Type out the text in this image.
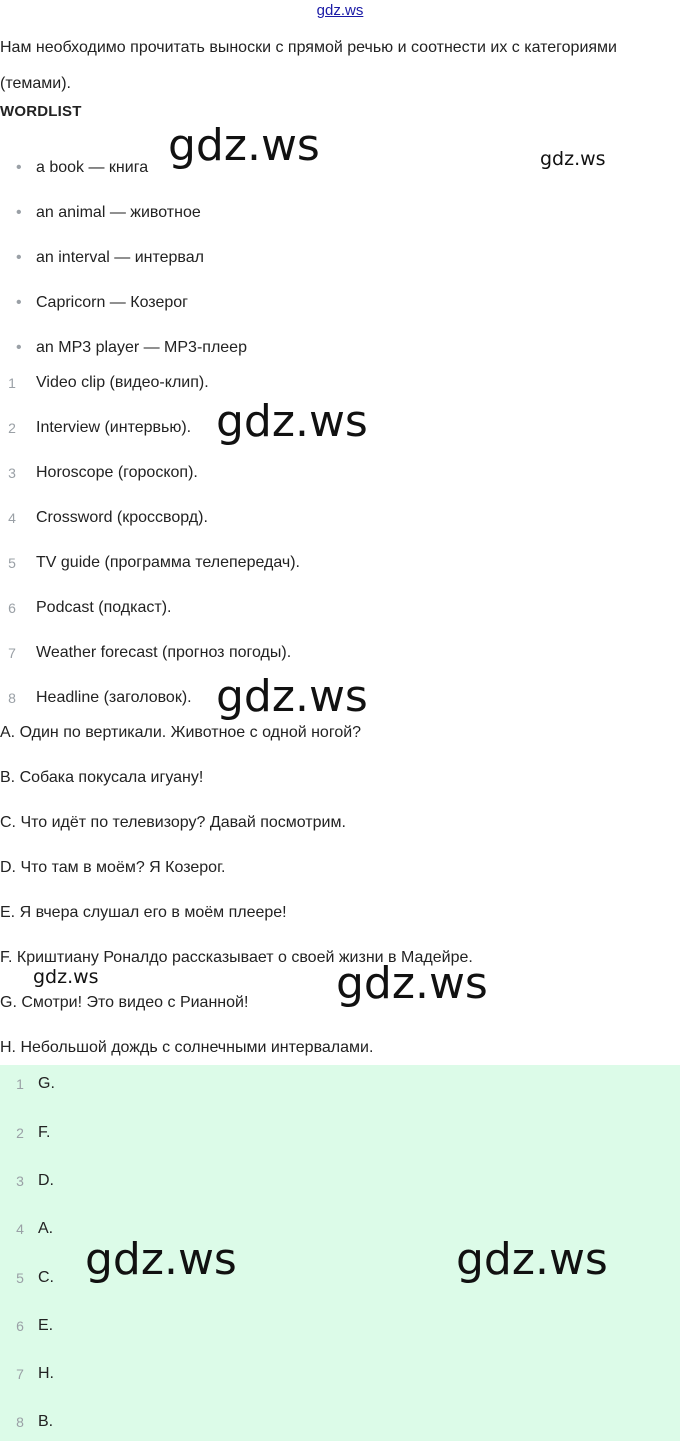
gdz.ws
Нам необходимо прочитать выноски с прямой речью и соотнести их с категориями (темами).
WORDLIST
• a book — книга
• an animal — животное
• an interval — интервал
• Capricorn — Козерог
• an MP3 player — MP3-плеер
1	Video clip (видео-клип).
2	Interview (интервью).
3	Horoscope (гороскоп).
4	Crossword (кроссворд).
5	TV guide (программа телепередач).
6	Podcast (подкаст).
7	Weather forecast (прогноз погоды).
8	Headline (заголовок).
A. Один по вертикали. Животное с одной ногой?
B. Собака покусала игуану!
C. Что идёт по телевизору? Давай посмотрим.
D. Что там в моём? Я Козерог.
E. Я вчера слушал его в моём плеере!
F. Криштиану Роналдо рассказывает о своей жизни в Мадейре.
G. Смотри! Это видео с Рианной!
H. Небольшой дождь с солнечными интервалами.
1 G.
2 F.
3 D.
4 A.
5 C.
6 E.
7 H.
8 B.
gdz.ws	gdz.ws
gdz.ws
gdz.ws
gdz.ws	gdz.ws
gdz.ws	gdz.ws
